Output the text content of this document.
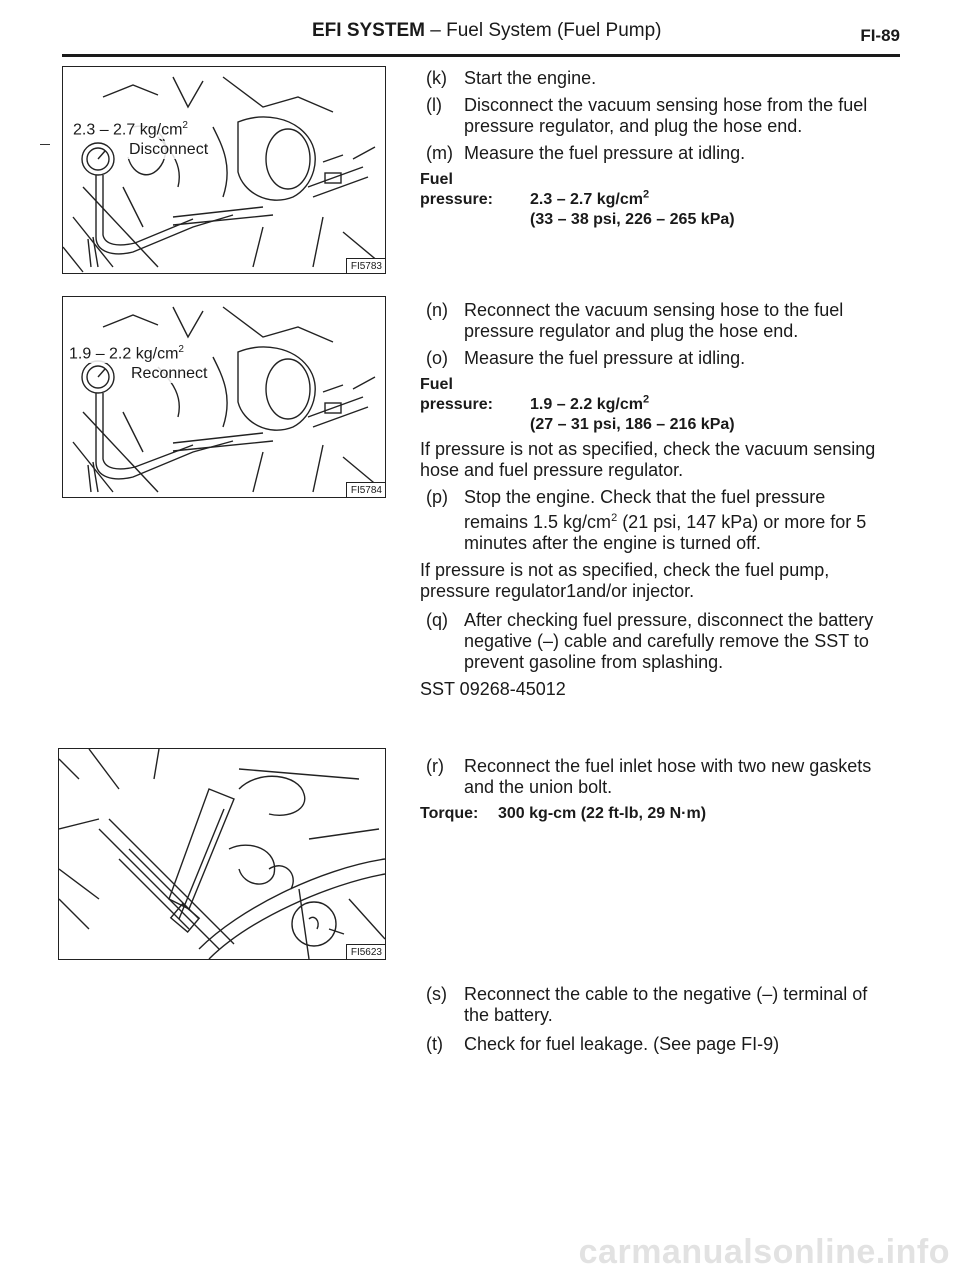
EFI SYSTEM – Fuel System (Fuel Pump)	FI-89
2.3 – 2.7 $kg/cm^2$
Disconnect
FI5783
1.9 – 2.2 $kg/cm^2$
Reconnect
FI5784
FI5623

(k) Start the engine.

(l) Disconnect the vacuum sensing hose from the fuel pressure regulator, and plug the hose end.

(m) Measure the fuel pressure at idling.

Fuel pressure: 2.3 – 2.7 $kg/cm^2$
(33 – 38 psi, 226 – 265 kPa)

(n) Reconnect the vacuum sensing hose to the fuel pressure regulator and plug the hose end.

(o) Measure the fuel pressure at idling.

Fuel pressure: 1.9 – 2.2 $kg/cm^2$
(27 – 31 psi, 186 – 216 kPa)

If pressure is not as specified, check the vacuum sensing hose and fuel pressure regulator.

(p) Stop the engine. Check that the fuel pressure remains 1.5 $kg/cm^2$ (21 psi, 147 kPa) or more for 5 minutes after the engine is turned off.

If pressure is not as specified, check the fuel pump, pressure regulator1and/or injector.

(q) After checking fuel pressure, disconnect the battery negative (–) cable and carefully remove the SST to prevent gasoline from splashing.

SST 09268-45012

(r) Reconnect the fuel inlet hose with two new gaskets and the union bolt.

Torque: 300 kg-cm (22 ft-lb, 29 N·m)

(s) Reconnect the cable to the negative (–) terminal of the battery.

(t) Check for fuel leakage. (See page FI-9)

carmanualsonline.info
